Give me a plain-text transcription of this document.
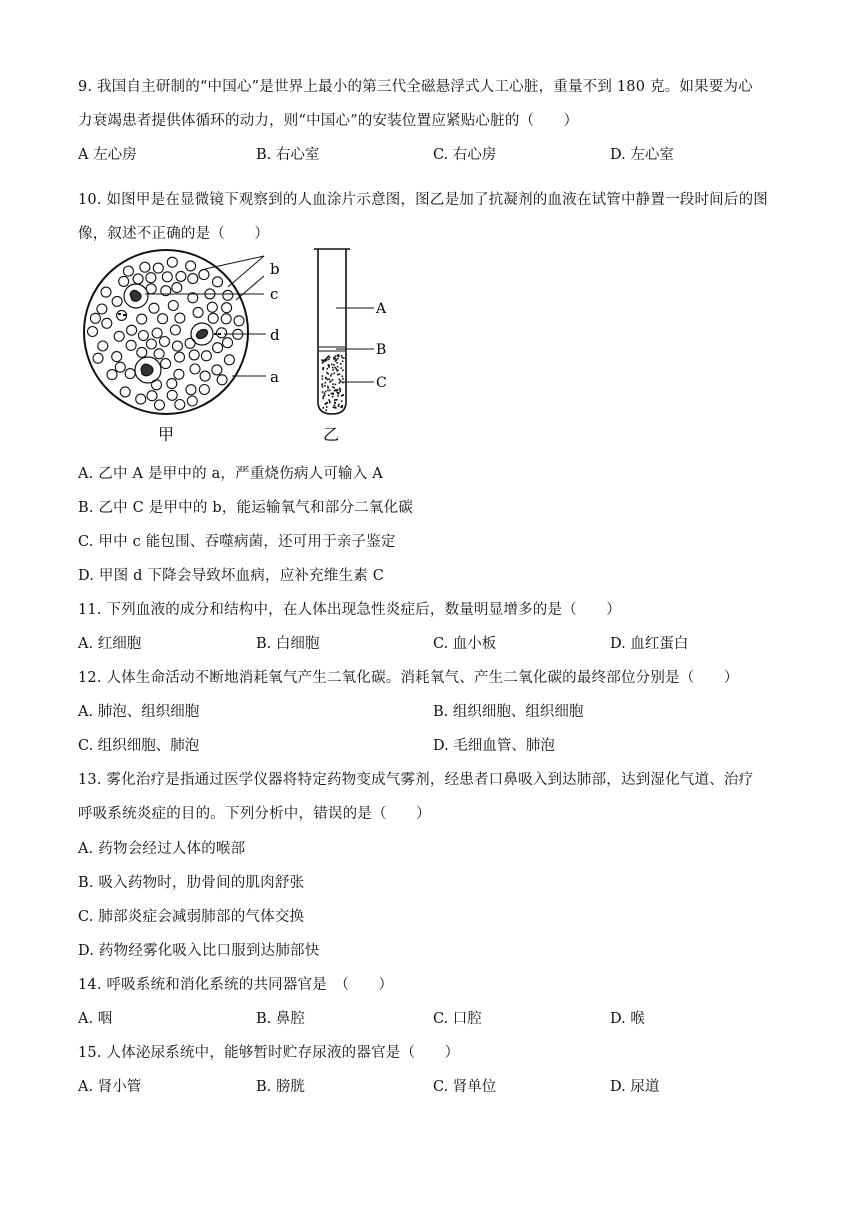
9. 我国自主研制的“中国心”是世界上最小的第三代全磁悬浮式人工心脏，重量不到 180 克。如果要为心
力衰竭患者提供体循环的动力，则“中国心”的安装位置应紧贴心脏的（　　）
A 左心房	B. 右心室	C. 右心房	D. 左心室
10. 如图甲是在显微镜下观察到的人血涂片示意图，图乙是加了抗凝剂的血液在试管中静置一段时间后的图
像，叙述不正确的是（　　）
b
c
d
a
A
B
C
甲	乙
A. 乙中 A 是甲中的 a，严重烧伤病人可输入 A
B. 乙中 C 是甲中的 b，能运输氧气和部分二氧化碳
C. 甲中 c 能包围、吞噬病菌，还可用于亲子鉴定
D. 甲图 d 下降会导致坏血病，应补充维生素 C
11. 下列血液的成分和结构中，在人体出现急性炎症后，数量明显增多的是（　　）
A. 红细胞	B. 白细胞	C. 血小板	D. 血红蛋白
12. 人体生命活动不断地消耗氧气产生二氧化碳。消耗氧气、产生二氧化碳的最终部位分别是（　　）
A. 肺泡、组织细胞	B. 组织细胞、组织细胞
C. 组织细胞、肺泡	D. 毛细血管、肺泡
13. 雾化治疗是指通过医学仪器将特定药物变成气雾剂，经患者口鼻吸入到达肺部，达到湿化气道、治疗
呼吸系统炎症的目的。下列分析中，错误的是（　　）
A. 药物会经过人体的喉部
B. 吸入药物时，肋骨间的肌肉舒张
C. 肺部炎症会减弱肺部的气体交换
D. 药物经雾化吸入比口服到达肺部快
14. 呼吸系统和消化系统的共同器官是　（　　）
A. 咽	B. 鼻腔	C. 口腔	D. 喉
15. 人体泌尿系统中，能够暂时贮存尿液的器官是（　　）
A. 肾小管	B. 膀胱	C. 肾单位	D. 尿道
